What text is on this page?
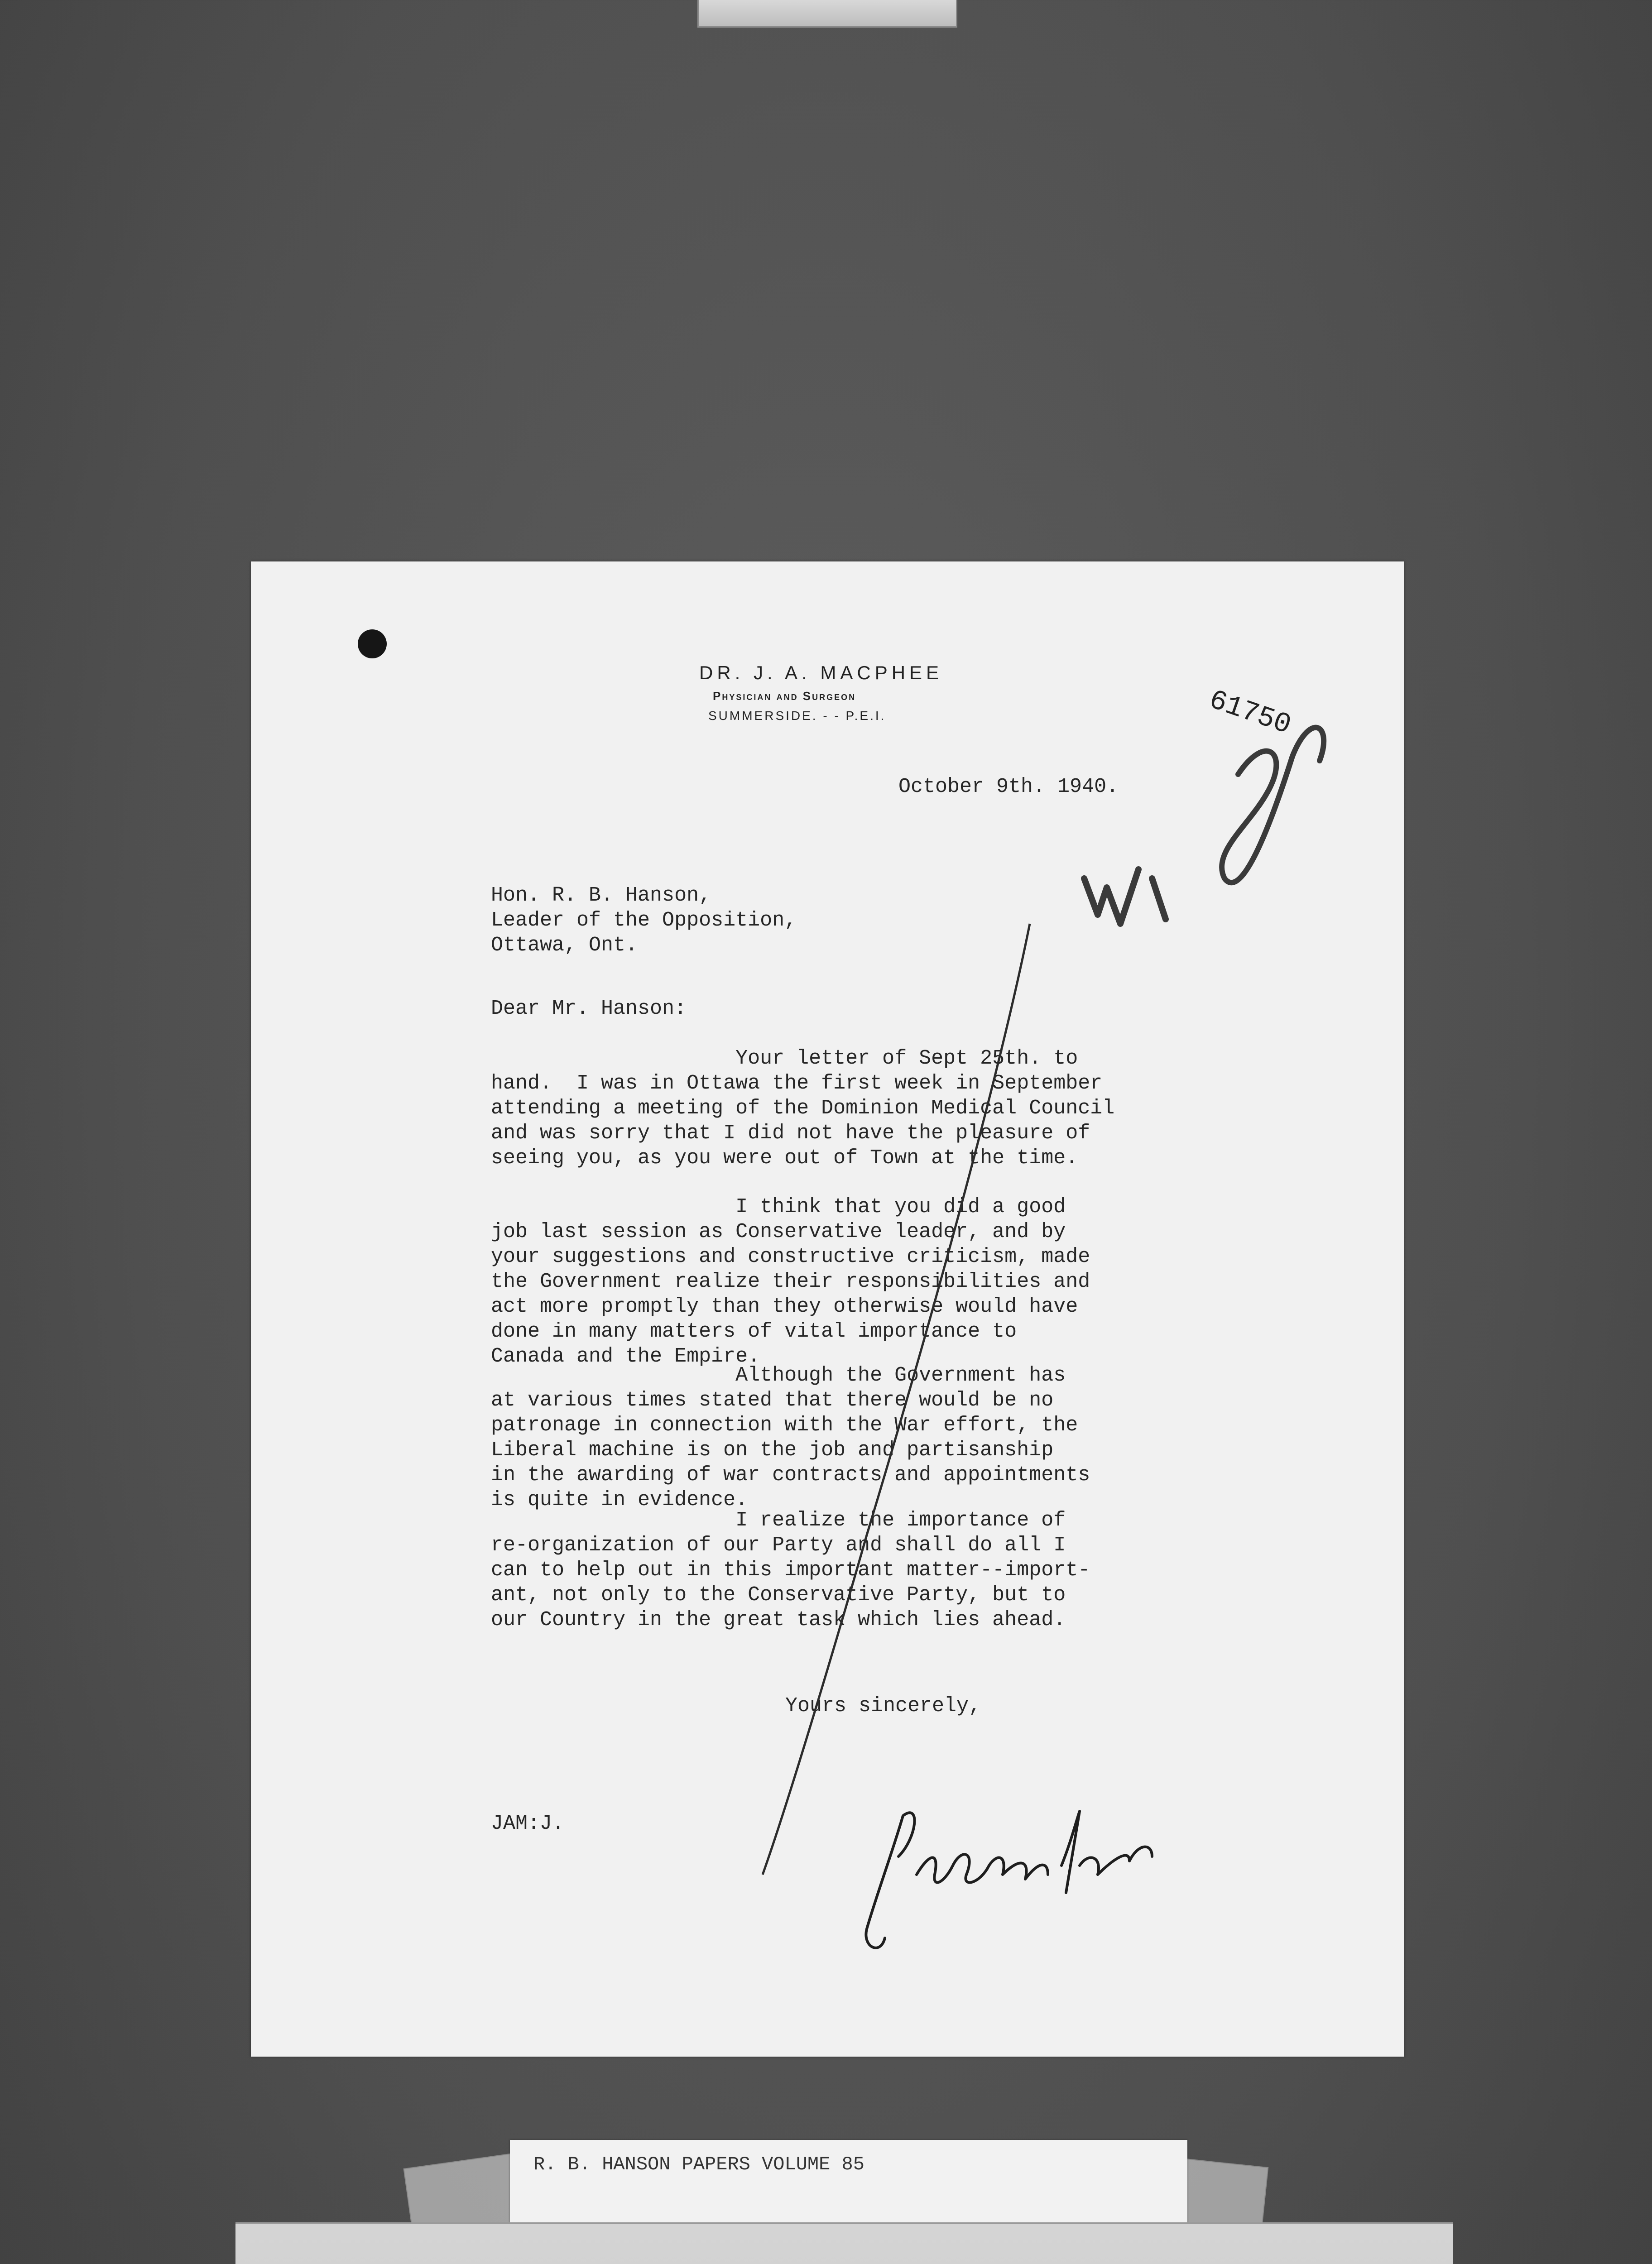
DR. J. A. MACPHEE
Physician and Surgeon
SUMMERSIDE. - - P.E.I.	61750
October 9th. 1940.
Hon. R. B. Hanson,
Leader of the Opposition,
Ottawa, Ont.
Dear Mr. Hanson:
Your letter of Sept 25th. to
hand.  I was in Ottawa the first week in September
attending a meeting of the Dominion Medical Council
and was sorry that I did not have the pleasure of
seeing you, as you were out of Town at the time.
I think that you did a good
job last session as Conservative leader, and by
your suggestions and constructive criticism, made
the Government realize their responsibilities and
act more promptly than they otherwise would have
done in many matters of vital importance to
Canada and the Empire.
Although the Government has
at various times stated that there would be no
patronage in connection with the War effort, the
Liberal machine is on the job and partisanship
in the awarding of war contracts and appointments
is quite in evidence.
I realize the importance of
re-organization of our Party and shall do all I
can to help out in this important matter--import-
ant, not only to the Conservative Party, but to
our Country in the great task which lies ahead.
Yours sincerely,
JAM:J.
R. B. HANSON PAPERS VOLUME 85
